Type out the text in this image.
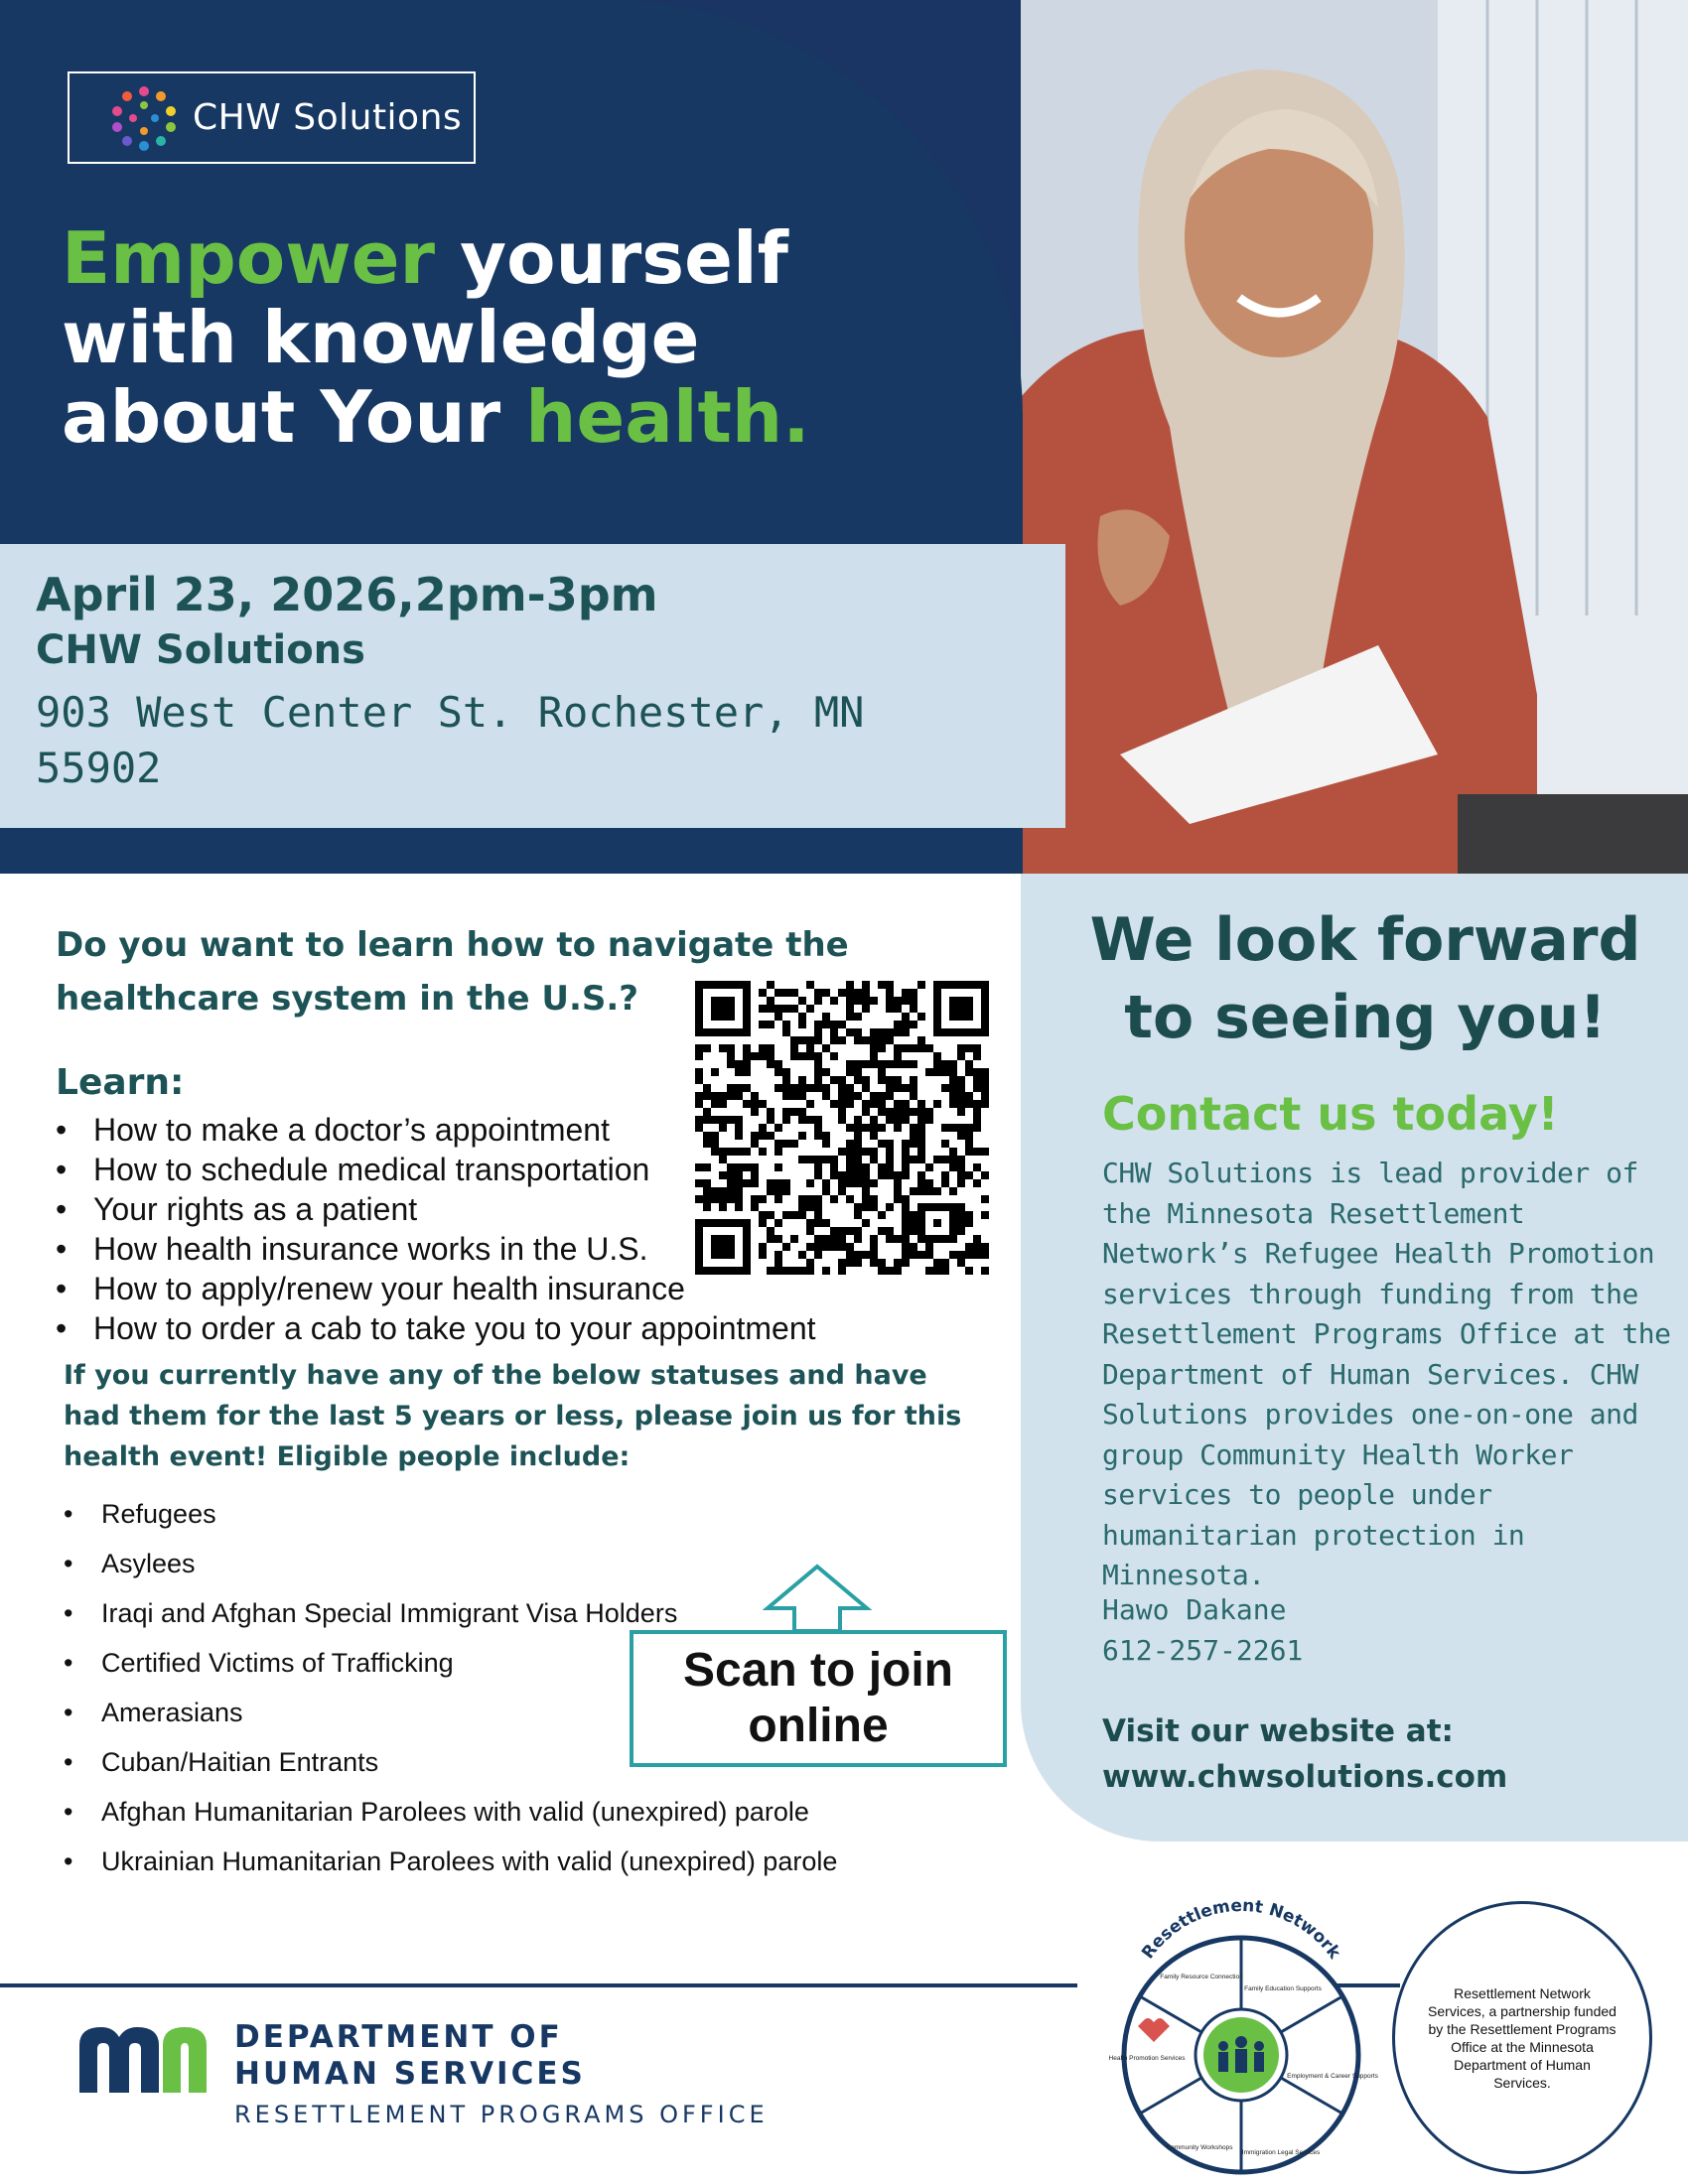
CHW Solutions
Empower yourself
with knowledge
about Your health.
April 23, 2026,2pm-3pm
CHW Solutions
903 West Center St. Rochester, MN
55902
We look forward
to seeing you!
Contact us today!
CHW Solutions is lead provider of the Minnesota Resettlement Network’s Refugee Health Promotion services through funding from the Resettlement Programs Office at the Department of Human Services. CHW Solutions provides one-on-one and group Community Health Worker services to people under humanitarian protection in Minnesota.
Hawo Dakane
612-257-2261
Visit our website at:
www.chwsolutions.com
Do you want to learn how to navigate the
healthcare system in the U.S.?
Learn:
• How to make a doctor’s appointment
• How to schedule medical transportation
• Your rights as a patient
• How health insurance works in the U.S.
• How to apply/renew your health insurance
• How to order a cab to take you to your appointment
If you currently have any of the below statuses and have had them for the last 5 years or less, please join us for this health event! Eligible people include:
• Refugees
• Asylees
• Iraqi and Afghan Special Immigrant Visa Holders
• Certified Victims of Trafficking
• Amerasians
• Cuban/Haitian Entrants
• Afghan Humanitarian Parolees with valid (unexpired) parole
• Ukrainian Humanitarian Parolees with valid (unexpired) parole
Scan to join
online
DEPARTMENT OF
HUMAN SERVICES
RESETTLEMENT PROGRAMS OFFICE
Resettlement Network
Family Resource Connection
Family Education Supports
Employment & Career Supports
Immigration Legal Services
Community Workshops
Health Promotion Services
Resettlement Network Services, a partnership funded by the Resettlement Programs Office at the Minnesota Department of Human Services.
